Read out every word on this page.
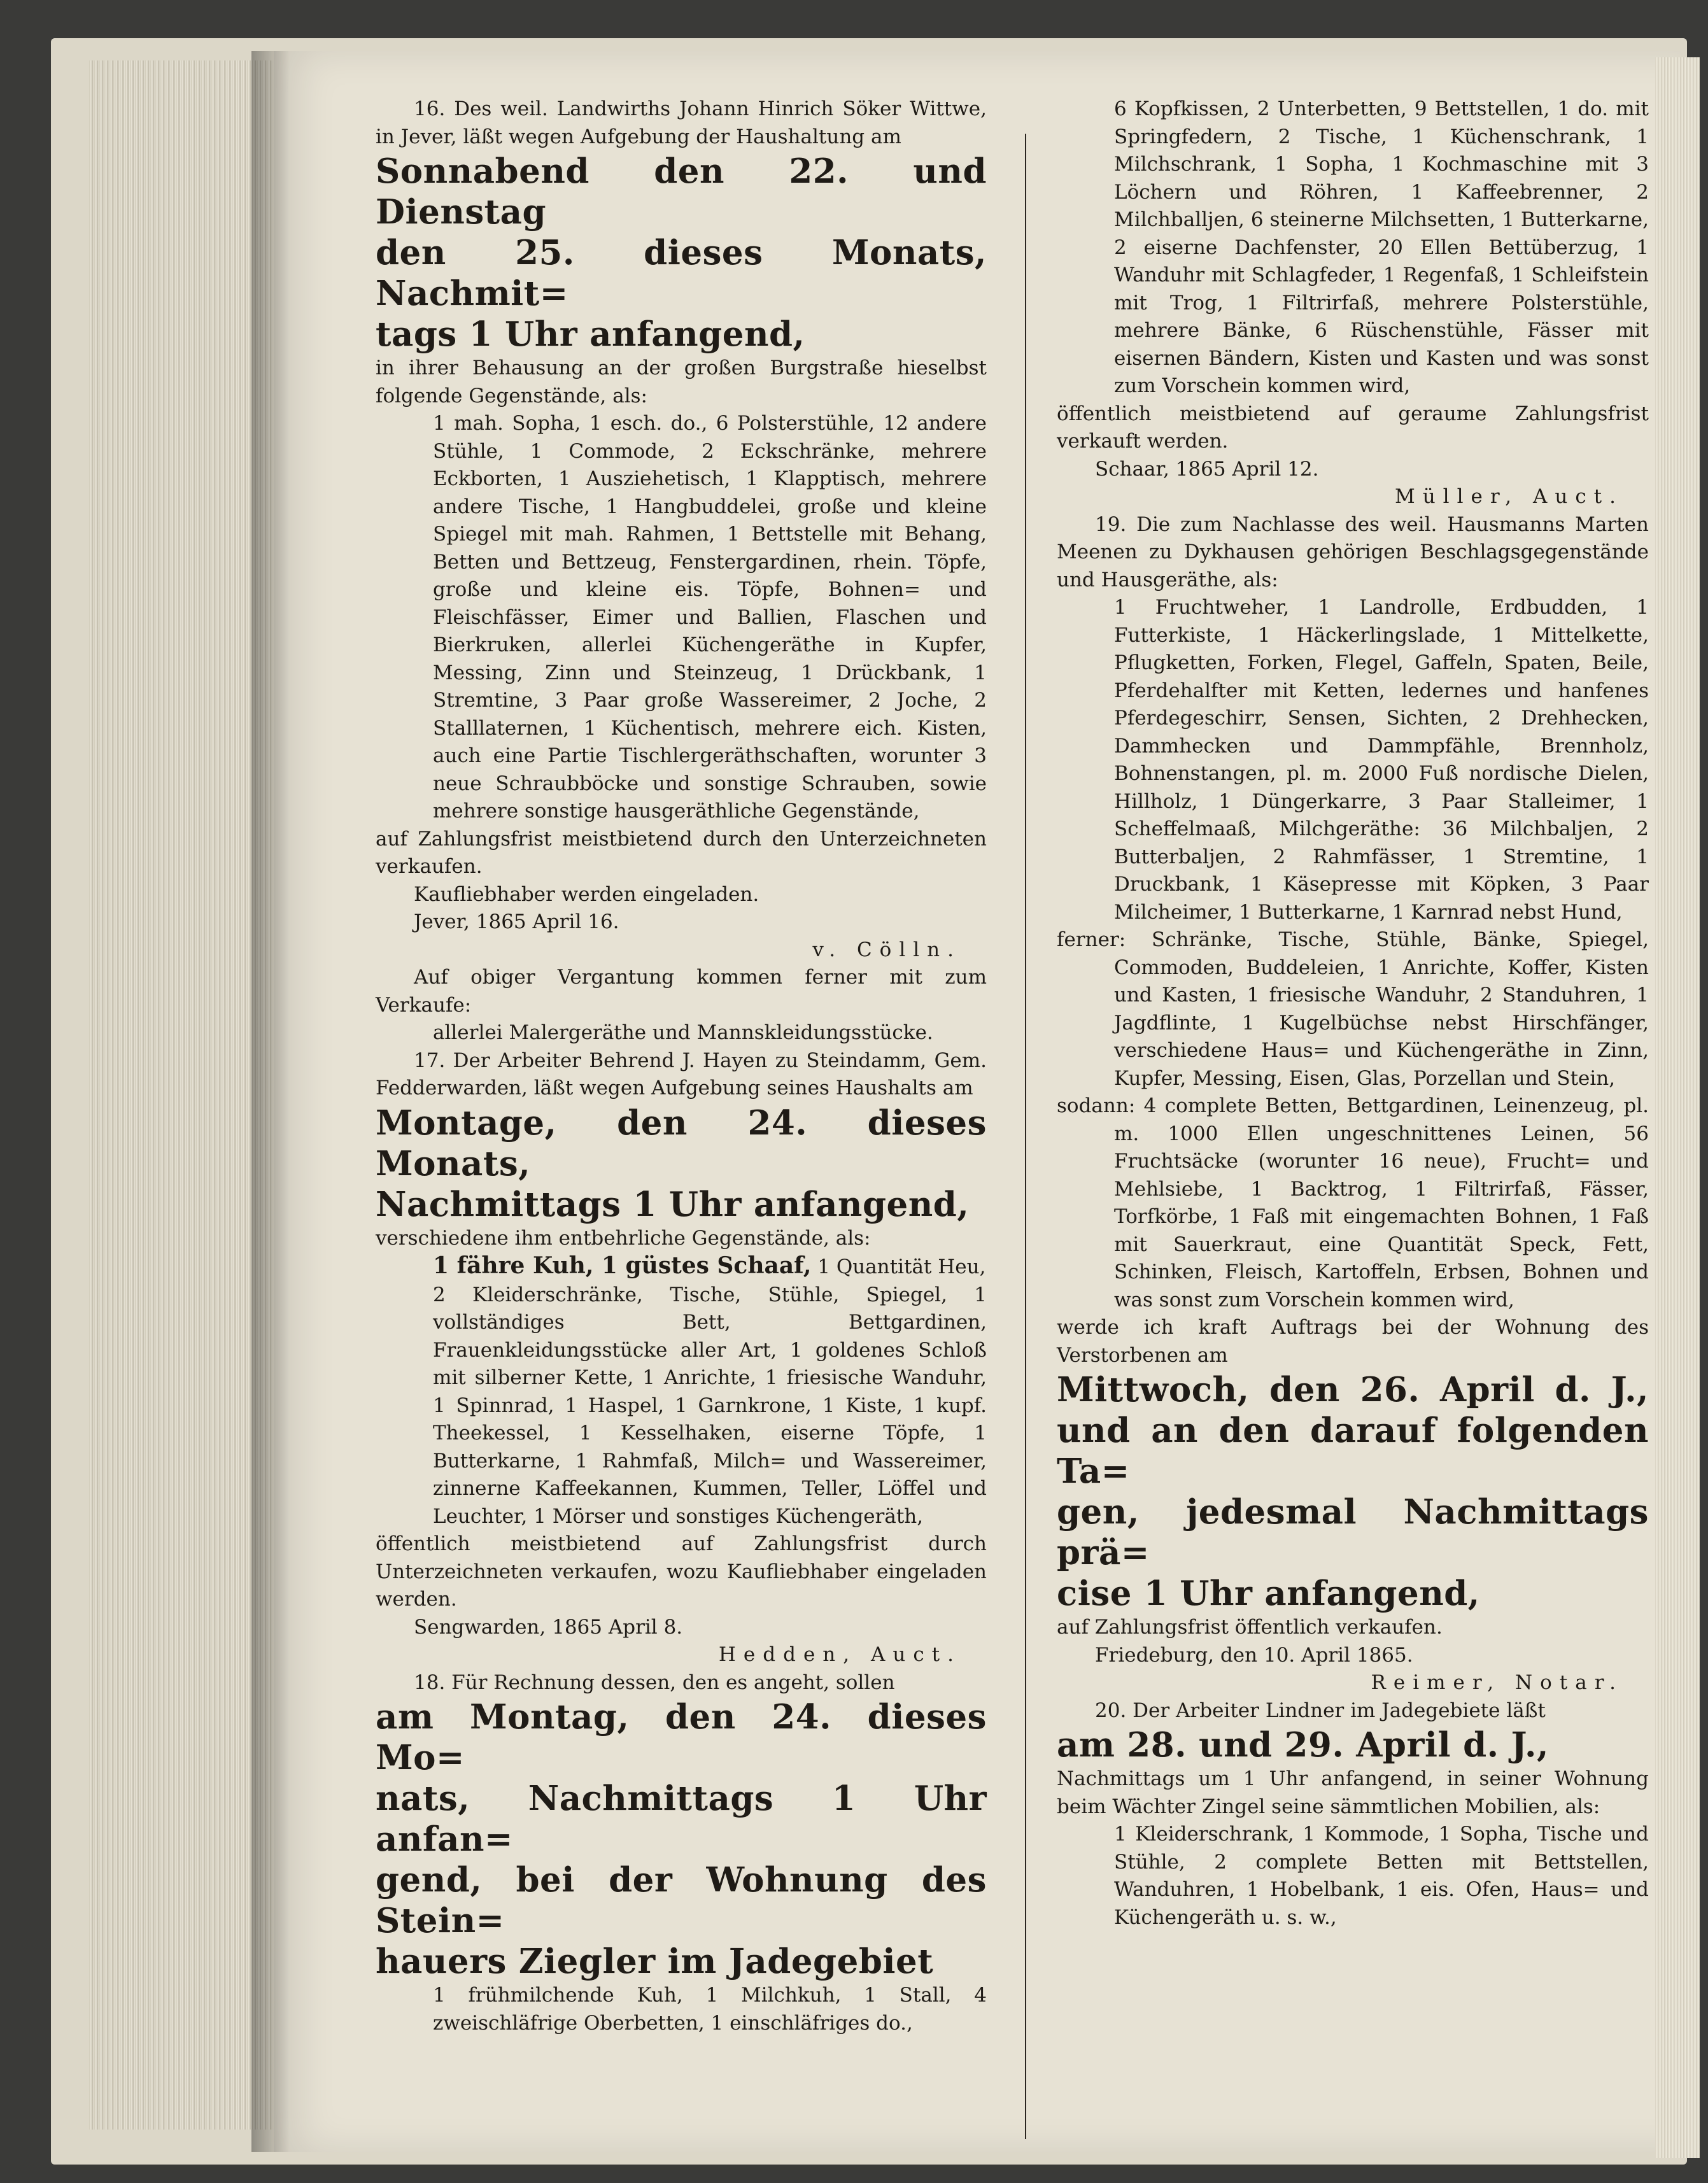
16. Des weil. Landwirths Johann Hinrich Söker Wittwe, in Jever, läßt wegen Aufgebung der Haushaltung am

Sonnabend den 22. und Dienstag

den 25. dieses Monats, Nachmit=

tags 1 Uhr anfangend,

in ihrer Behausung an der großen Burgstraße hieselbst folgende Gegenstände, als:

1 mah. Sopha, 1 esch. do., 6 Polsterstühle, 12 andere Stühle, 1 Commode, 2 Eckschränke, mehrere Eckborten, 1 Ausziehetisch, 1 Klapptisch, mehrere andere Tische, 1 Hangbuddelei, große und kleine Spiegel mit mah. Rahmen, 1 Bettstelle mit Behang, Betten und Bettzeug, Fenstergardinen, rhein. Töpfe, große und kleine eis. Töpfe, Bohnen= und Fleischfässer, Eimer und Ballien, Flaschen und Bierkruken, allerlei Küchengeräthe in Kupfer, Messing, Zinn und Steinzeug, 1 Drückbank, 1 Stremtine, 3 Paar große Wassereimer, 2 Joche, 2 Stalllaternen, 1 Küchentisch, mehrere eich. Kisten, auch eine Partie Tischlergeräthschaften, worunter 3 neue Schraubböcke und sonstige Schrauben, sowie mehrere sonstige hausgeräthliche Gegenstände,

auf Zahlungsfrist meistbietend durch den Unterzeichneten verkaufen.

Kaufliebhaber werden eingeladen.

Jever, 1865 April 16.

v. Cölln.

Auf obiger Vergantung kommen ferner mit zum Verkaufe:

allerlei Malergeräthe und Mannskleidungsstücke.

17. Der Arbeiter Behrend J. Hayen zu Steindamm, Gem. Fedderwarden, läßt wegen Aufgebung seines Haushalts am

Montage, den 24. dieses Monats,

Nachmittags 1 Uhr anfangend,

verschiedene ihm entbehrliche Gegenstände, als:

1 fähre Kuh, 1 güstes Schaaf, 1 Quantität Heu,

2 Kleiderschränke, Tische, Stühle, Spiegel, 1 vollständiges Bett, Bettgardinen, Frauenkleidungsstücke aller Art, 1 goldenes Schloß mit silberner Kette, 1 Anrichte, 1 friesische Wanduhr, 1 Spinnrad, 1 Haspel, 1 Garnkrone, 1 Kiste, 1 kupf. Theekessel, 1 Kesselhaken, eiserne Töpfe, 1 Butterkarne, 1 Rahmfaß, Milch= und Wassereimer, zinnerne Kaffeekannen, Kummen, Teller, Löffel und Leuchter, 1 Mörser und sonstiges Küchengeräth,

öffentlich meistbietend auf Zahlungsfrist durch Unterzeichneten verkaufen, wozu Kaufliebhaber eingeladen werden.

Sengwarden, 1865 April 8.

Hedden, Auct.

18. Für Rechnung dessen, den es angeht, sollen

am Montag, den 24. dieses Mo=

nats, Nachmittags 1 Uhr anfan=

gend, bei der Wohnung des Stein=

hauers Ziegler im Jadegebiet

1 frühmilchende Kuh, 1 Milchkuh, 1 Stall, 4 zweischläfrige Oberbetten, 1 einschläfriges do.,

6 Kopfkissen, 2 Unterbetten, 9 Bettstellen, 1 do. mit Springfedern, 2 Tische, 1 Küchenschrank, 1 Milchschrank, 1 Sopha, 1 Kochmaschine mit 3 Löchern und Röhren, 1 Kaffeebrenner, 2 Milchballjen, 6 steinerne Milchsetten, 1 Butterkarne, 2 eiserne Dachfenster, 20 Ellen Bettüberzug, 1 Wanduhr mit Schlagfeder, 1 Regenfaß, 1 Schleifstein mit Trog, 1 Filtrirfaß, mehrere Polsterstühle, mehrere Bänke, 6 Rüschenstühle, Fässer mit eisernen Bändern, Kisten und Kasten und was sonst zum Vorschein kommen wird,

öffentlich meistbietend auf geraume Zahlungsfrist verkauft werden.

Schaar, 1865 April 12.

Müller, Auct.

19. Die zum Nachlasse des weil. Hausmanns Marten Meenen zu Dykhausen gehörigen Beschlagsgegenstände und Hausgeräthe, als:

1 Fruchtweher, 1 Landrolle, Erdbudden, 1 Futterkiste, 1 Häckerlingslade, 1 Mittelkette, Pflugketten, Forken, Flegel, Gaffeln, Spaten, Beile, Pferdehalfter mit Ketten, ledernes und hanfenes Pferdegeschirr, Sensen, Sichten, 2 Drehhecken, Dammhecken und Dammpfähle, Brennholz, Bohnenstangen, pl. m. 2000 Fuß nordische Dielen, Hillholz, 1 Düngerkarre, 3 Paar Stalleimer, 1 Scheffelmaaß, Milchgeräthe: 36 Milchbaljen, 2 Butterbaljen, 2 Rahmfässer, 1 Stremtine, 1 Druckbank, 1 Käsepresse mit Köpken, 3 Paar Milcheimer, 1 Butterkarne, 1 Karnrad nebst Hund,

ferner: Schränke, Tische, Stühle, Bänke, Spiegel, Commoden, Buddeleien, 1 Anrichte, Koffer, Kisten und Kasten, 1 friesische Wanduhr, 2 Standuhren, 1 Jagdflinte, 1 Kugelbüchse nebst Hirschfänger, verschiedene Haus= und Küchengeräthe in Zinn, Kupfer, Messing, Eisen, Glas, Porzellan und Stein,

sodann: 4 complete Betten, Bettgardinen, Leinenzeug, pl. m. 1000 Ellen ungeschnittenes Leinen, 56 Fruchtsäcke (worunter 16 neue), Frucht= und Mehlsiebe, 1 Backtrog, 1 Filtrirfaß, Fässer, Torfkörbe, 1 Faß mit eingemachten Bohnen, 1 Faß mit Sauerkraut, eine Quantität Speck, Fett, Schinken, Fleisch, Kartoffeln, Erbsen, Bohnen und was sonst zum Vorschein kommen wird,

werde ich kraft Auftrags bei der Wohnung des Verstorbenen am

Mittwoch, den 26. April d. J.,

und an den darauf folgenden Ta=

gen, jedesmal Nachmittags prä=

cise 1 Uhr anfangend,

auf Zahlungsfrist öffentlich verkaufen.

Friedeburg, den 10. April 1865.

Reimer, Notar.

20. Der Arbeiter Lindner im Jadegebiete läßt

am 28. und 29. April d. J.,

Nachmittags um 1 Uhr anfangend, in seiner Wohnung beim Wächter Zingel seine sämmtlichen Mobilien, als:

1 Kleiderschrank, 1 Kommode, 1 Sopha, Tische und Stühle, 2 complete Betten mit Bettstellen, Wanduhren, 1 Hobelbank, 1 eis. Ofen, Haus= und Küchengeräth u. s. w.,
